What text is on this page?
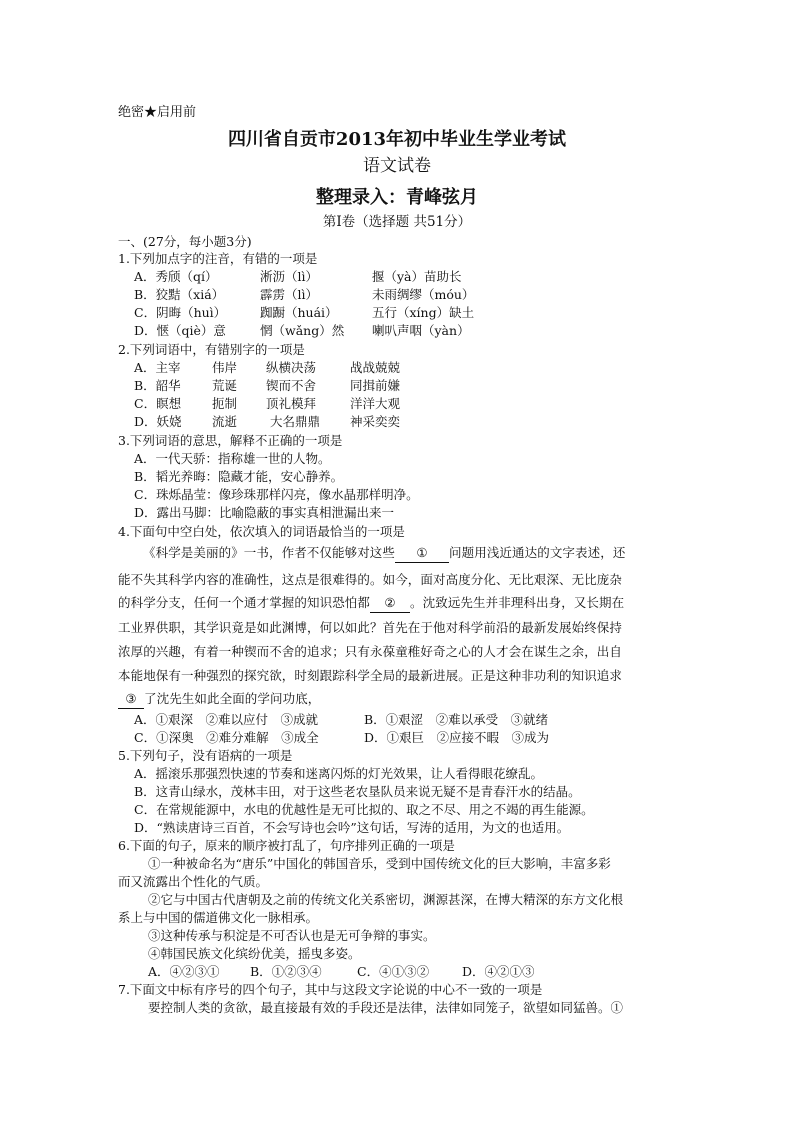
绝密★启用前
四川省自贡市2013年初中毕业生学业考试
语文试卷
整理录入：青峰弦月
第Ⅰ卷（选择题 共51分）
一、(27分，每小题3分)
1.下列加点字的注音，有错的一项是
A．秀颀（qí）	淅沥（lì）	揠（yà）苗助长
B．狡黠（xiá）	霹雳（lì）	未雨绸缪（móu）
C．阴晦（huì）	踟蹰（huái）	五行（xíng）缺土
D．惬（qiè）意	惘（wǎng）然 喇叭声咽（yàn）
2.下列词语中，有错别字的一项是
A．主宰	伟岸 纵横决荡	战战兢兢
B．韶华	荒诞 锲而不舍	同揖前嫌
C．瞑想 扼制 顶礼模拜	洋洋大观
D．妖娆 流逝	大名鼎鼎 神采奕奕
3.下列词语的意思，解释不正确的一项是
A．一代天骄：指称雄一世的人物。
B．韬光养晦：隐藏才能，安心静养。
C．珠烁晶莹：像珍珠那样闪亮，像水晶那样明净。
D．露出马脚：比喻隐蔽的事实真相泄漏出来一
4.下面句中空白处，依次填入的词语最恰当的一项是
《科学是美丽的》一书，作者不仅能够对这些 ① 问题用浅近通达的文字表述，还
能不失其科学内容的准确性，这点是很难得的。如今，面对高度分化、无比艰深、无比庞杂
的科学分支，任何一个通才掌握的知识恐怕都 ② 。沈致远先生并非理科出身，又长期在
工业界供职，其学识竟是如此渊博，何以如此？首先在于他对科学前沿的最新发展始终保持
浓厚的兴趣，有着一种锲而不舍的追求；只有永葆童稚好奇之心的人才会在谋生之余，出自
本能地保有一种强烈的探究欲，时刻跟踪科学全局的最新进展。正是这种非功利的知识追求
③ 了沈先生如此全面的学问功底，
A．①艰深　②难以应付　③成就	B．①艰涩　②难以承受　③就绪
C．①深奥　②难分难解　③成全	D．①艰巨　②应接不暇　③成为
5.下列句子，没有语病的一项是
A．摇滚乐那强烈快速的节奏和迷离闪烁的灯光效果，让人看得眼花缭乱。
B．这青山绿水，茂林丰田，对于这些老农垦队员来说无疑不是青春汗水的结晶。
C．在常规能源中，水电的优越性是无可比拟的、取之不尽、用之不竭的再生能源。
D．“熟读唐诗三百首，不会写诗也会吟”这句话，写涛的适用，为文的也适用。
6.下面的句子，原来的顺序被打乱了，句序排列正确的一项是
①一种被命名为“唐乐”中国化的韩国音乐，受到中国传统文化的巨大影响，丰富多彩
而又流露出个性化的气质。
②它与中国古代唐朝及之前的传统文化关系密切，渊源甚深，在博大精深的东方文化根
系上与中国的儒道佛文化一脉相承。
③这种传承与积淀是不可否认也是无可争辩的事实。
④韩国民族文化缤纷优美，摇曳多姿。
A．④②③① B．①②③④	C．④①③②	D．④②①③
7.下面文中标有序号的四个句子，其中与这段文字论说的中心不一致的一项是
要控制人类的贪欲，最直接最有效的手段还是法律，法律如同笼子，欲望如同猛兽。①
